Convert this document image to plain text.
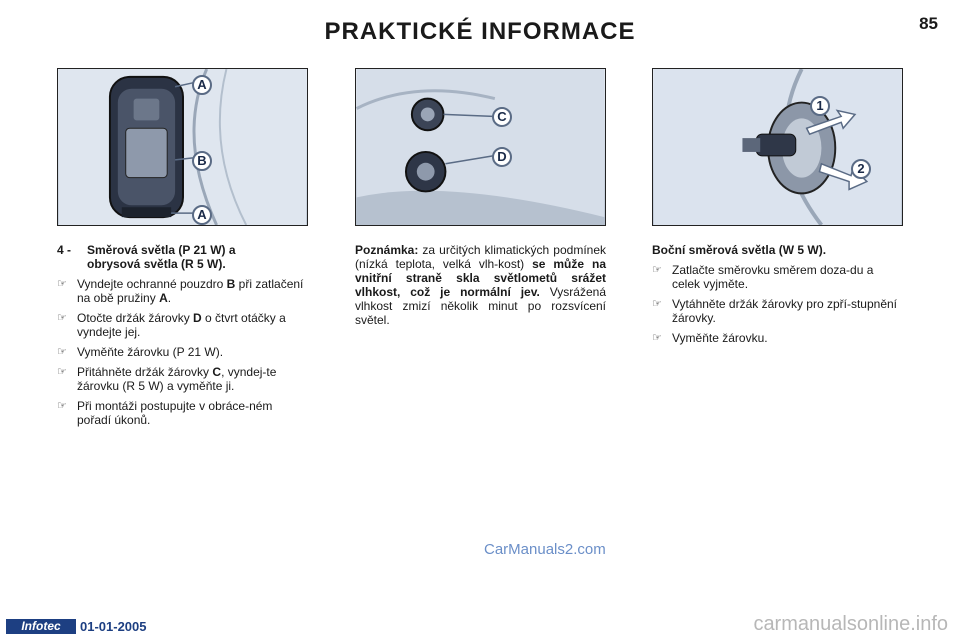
PRAKTICKÉ INFORMACE	85
A
B
A
C
D
1
2

4 - Směrová světla (P 21 W) a
obrysová světla (R 5 W).

☞ Vyndejte ochranné pouzdro B při zatlačení na obě pružiny A.

☞ Otočte držák žárovky D o čtvrt otáčky a vyndejte jej.

☞ Vyměňte žárovku (P 21 W).

☞ Přitáhněte držák žárovky C, vyndej-te žárovku (R 5 W) a vyměňte ji.

☞ Při montáži postupujte v obráce-ném pořadí úkonů.

Poznámka: za určitých klimatických podmínek (nízká teplota, velká vlh-kost) se může na vnitřní straně skla světlometů srážet vlhkost, což je normální jev. Vysrážená vlhkost zmizí několik minut po rozsvícení světel.

Boční směrová světla (W 5 W).

☞ Zatlačte směrovku směrem doza-du a celek vyjměte.

☞ Vytáhněte držák žárovky pro zpří-stupnění žárovky.

☞ Vyměňte žárovku.

CarManuals2.com
Infotec	01-01-2005	carmanualsonline.info
